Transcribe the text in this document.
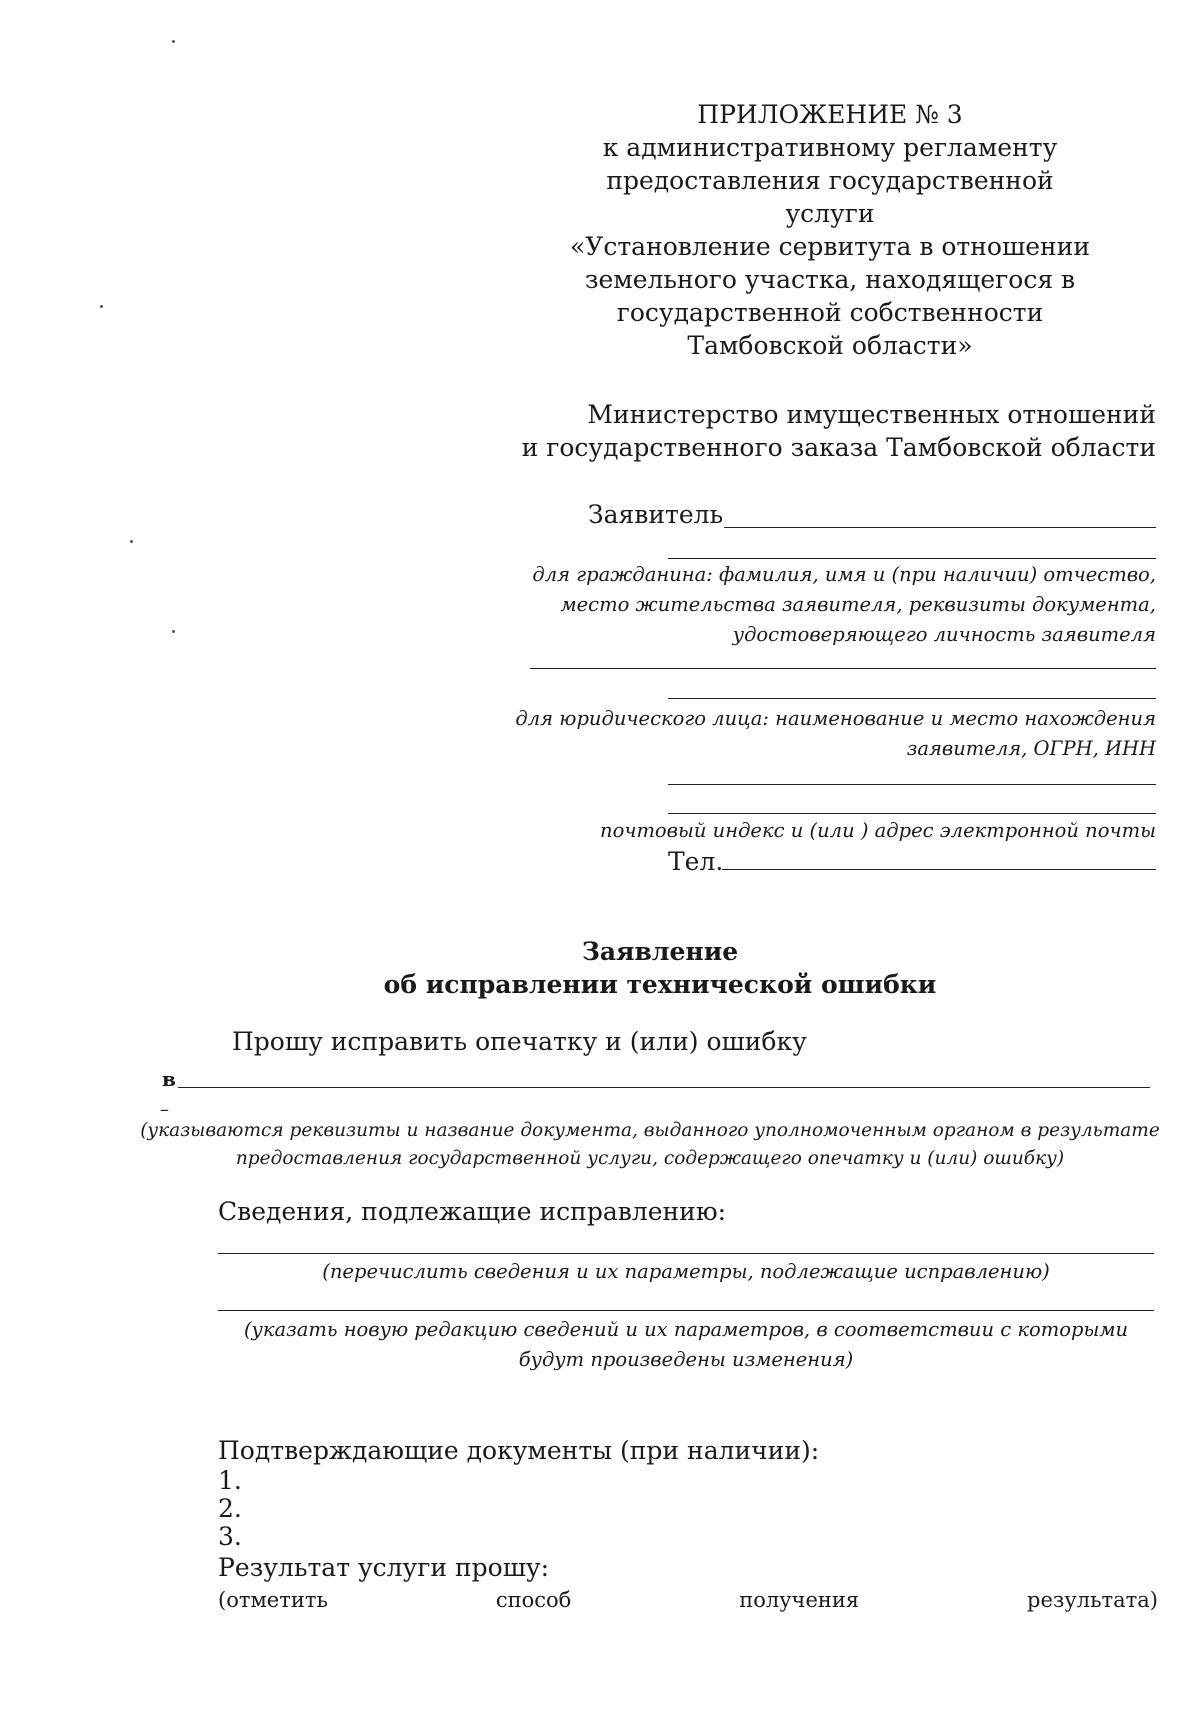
ПРИЛОЖЕНИЕ № 3
к административному регламенту
предоставления государственной услуги
«Установление сервитута в отношении
земельного участка, находящегося в
государственной собственности
Тамбовской области»
Министерство имущественных отношений
и государственного заказа Тамбовской области
Заявитель
для гражданина: фамилия, имя и (при наличии) отчество,
место жительства заявителя, реквизиты документа,
удостоверяющего личность заявителя
для юридического лица: наименование и место нахождения
заявителя, ОГРН, ИНН
почтовый индекс и (или ) адрес электронной почты
Тел.
Заявление
об исправлении технической ошибки
Прошу исправить опечатку и (или) ошибку
в
–
(указываются реквизиты и название документа, выданного уполномоченным органом в результате
предоставления государственной услуги, содержащего опечатку и (или) ошибку)
Сведения, подлежащие исправлению:
(перечислить сведения и их параметры, подлежащие исправлению)
(указать новую редакцию сведений и их параметров, в соответствии с которыми
будут произведены изменения)
Подтверждающие документы (при наличии):
1.
2.
3.
Результат услуги прошу:
(отметить	способ	получения	результата)
